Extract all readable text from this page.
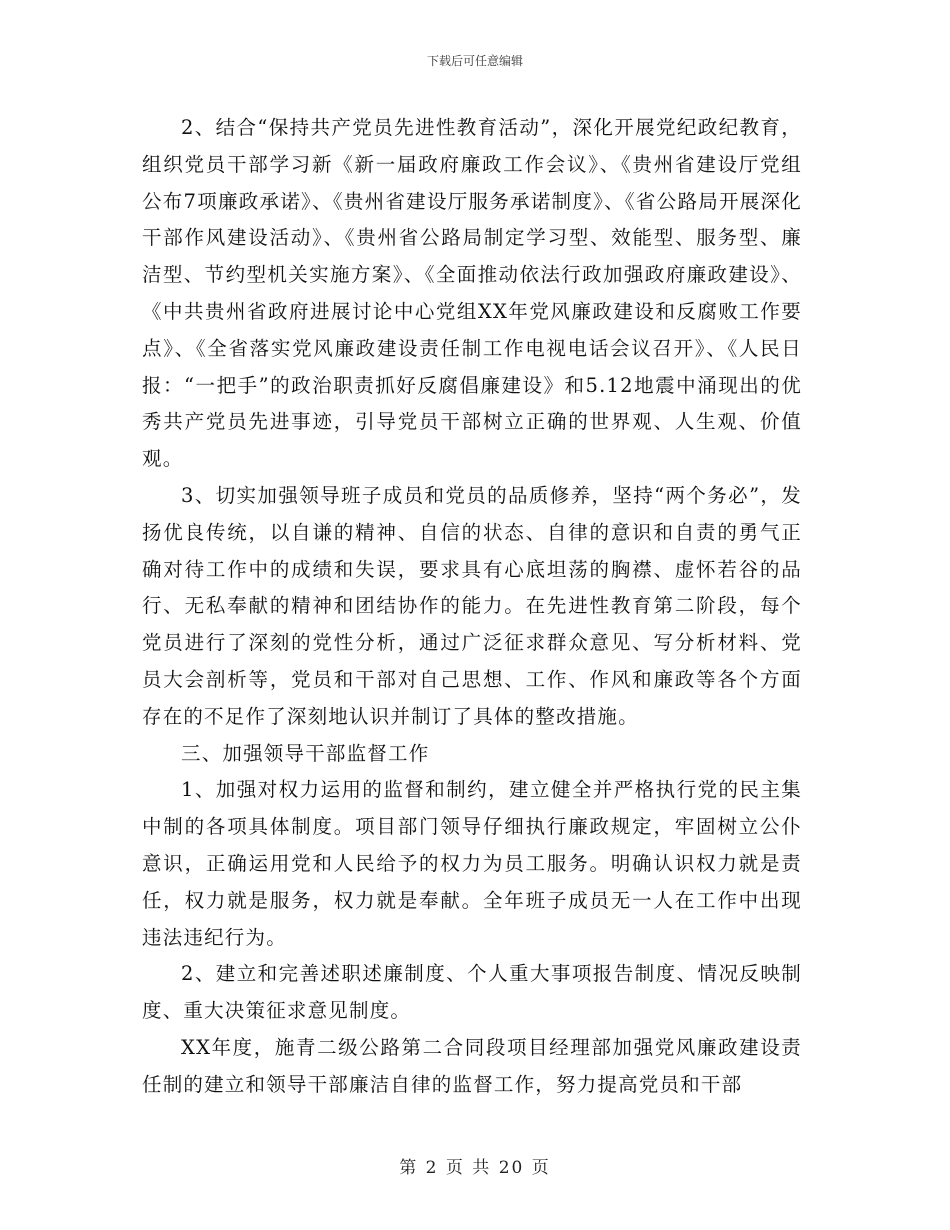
下载后可任意编辑

2、结合“保持共产党员先进性教育活动”，深化开展党纪政纪教育，组织党员干部学习新《新一届政府廉政工作会议》、《贵州省建设厅党组公布7项廉政承诺》、《贵州省建设厅服务承诺制度》、《省公路局开展深化干部作风建设活动》、《贵州省公路局制定学习型、效能型、服务型、廉洁型、节约型机关实施方案》、《全面推动依法行政加强政府廉政建设》、《中共贵州省政府进展讨论中心党组XX年党风廉政建设和反腐败工作要点》、《全省落实党风廉政建设责任制工作电视电话会议召开》、《人民日报：“一把手”的政治职责抓好反腐倡廉建设》和5.12地震中涌现出的优秀共产党员先进事迹，引导党员干部树立正确的世界观、人生观、价值观。

3、切实加强领导班子成员和党员的品质修养，坚持“两个务必”，发扬优良传统，以自谦的精神、自信的状态、自律的意识和自责的勇气正确对待工作中的成绩和失误，要求具有心底坦荡的胸襟、虚怀若谷的品行、无私奉献的精神和团结协作的能力。在先进性教育第二阶段，每个党员进行了深刻的党性分析，通过广泛征求群众意见、写分析材料、党员大会剖析等，党员和干部对自己思想、工作、作风和廉政等各个方面存在的不足作了深刻地认识并制订了具体的整改措施。

三、加强领导干部监督工作

1、加强对权力运用的监督和制约，建立健全并严格执行党的民主集中制的各项具体制度。项目部门领导仔细执行廉政规定，牢固树立公仆意识，正确运用党和人民给予的权力为员工服务。明确认识权力就是责任，权力就是服务，权力就是奉献。全年班子成员无一人在工作中出现违法违纪行为。

2、建立和完善述职述廉制度、个人重大事项报告制度、情况反映制度、重大决策征求意见制度。

XX年度，施青二级公路第二合同段项目经理部加强党风廉政建设责任制的建立和领导干部廉洁自律的监督工作，努力提高党员和干部

第 2 页 共 20 页
